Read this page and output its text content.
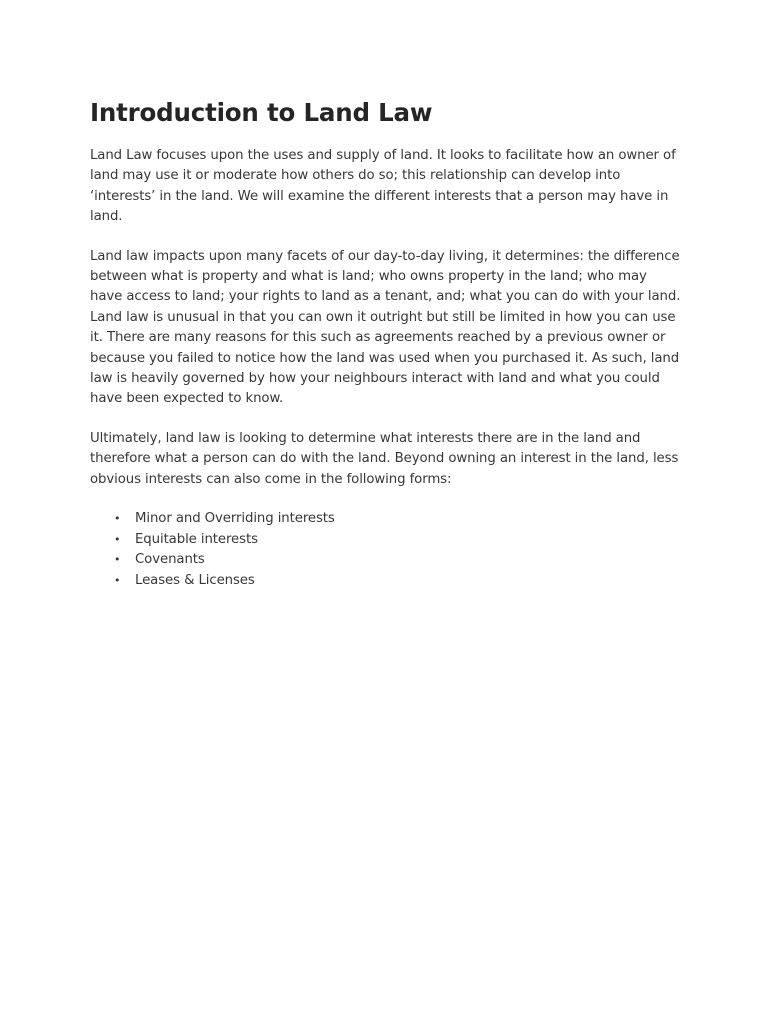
Introduction to Land Law

Land Law focuses upon the uses and supply of land. It looks to facilitate how an owner of land may use it or moderate how others do so; this relationship can develop into ‘interests’ in the land. We will examine the different interests that a person may have in land.

Land law impacts upon many facets of our day-to-day living, it determines: the difference between what is property and what is land; who owns property in the land; who may have access to land; your rights to land as a tenant, and; what you can do with your land. Land law is unusual in that you can own it outright but still be limited in how you can use it. There are many reasons for this such as agreements reached by a previous owner or because you failed to notice how the land was used when you purchased it. As such, land law is heavily governed by how your neighbours interact with land and what you could have been expected to know.

Ultimately, land law is looking to determine what interests there are in the land and therefore what a person can do with the land. Beyond owning an interest in the land, less obvious interests can also come in the following forms:

• Minor and Overriding interests
• Equitable interests
• Covenants
• Leases & Licenses
